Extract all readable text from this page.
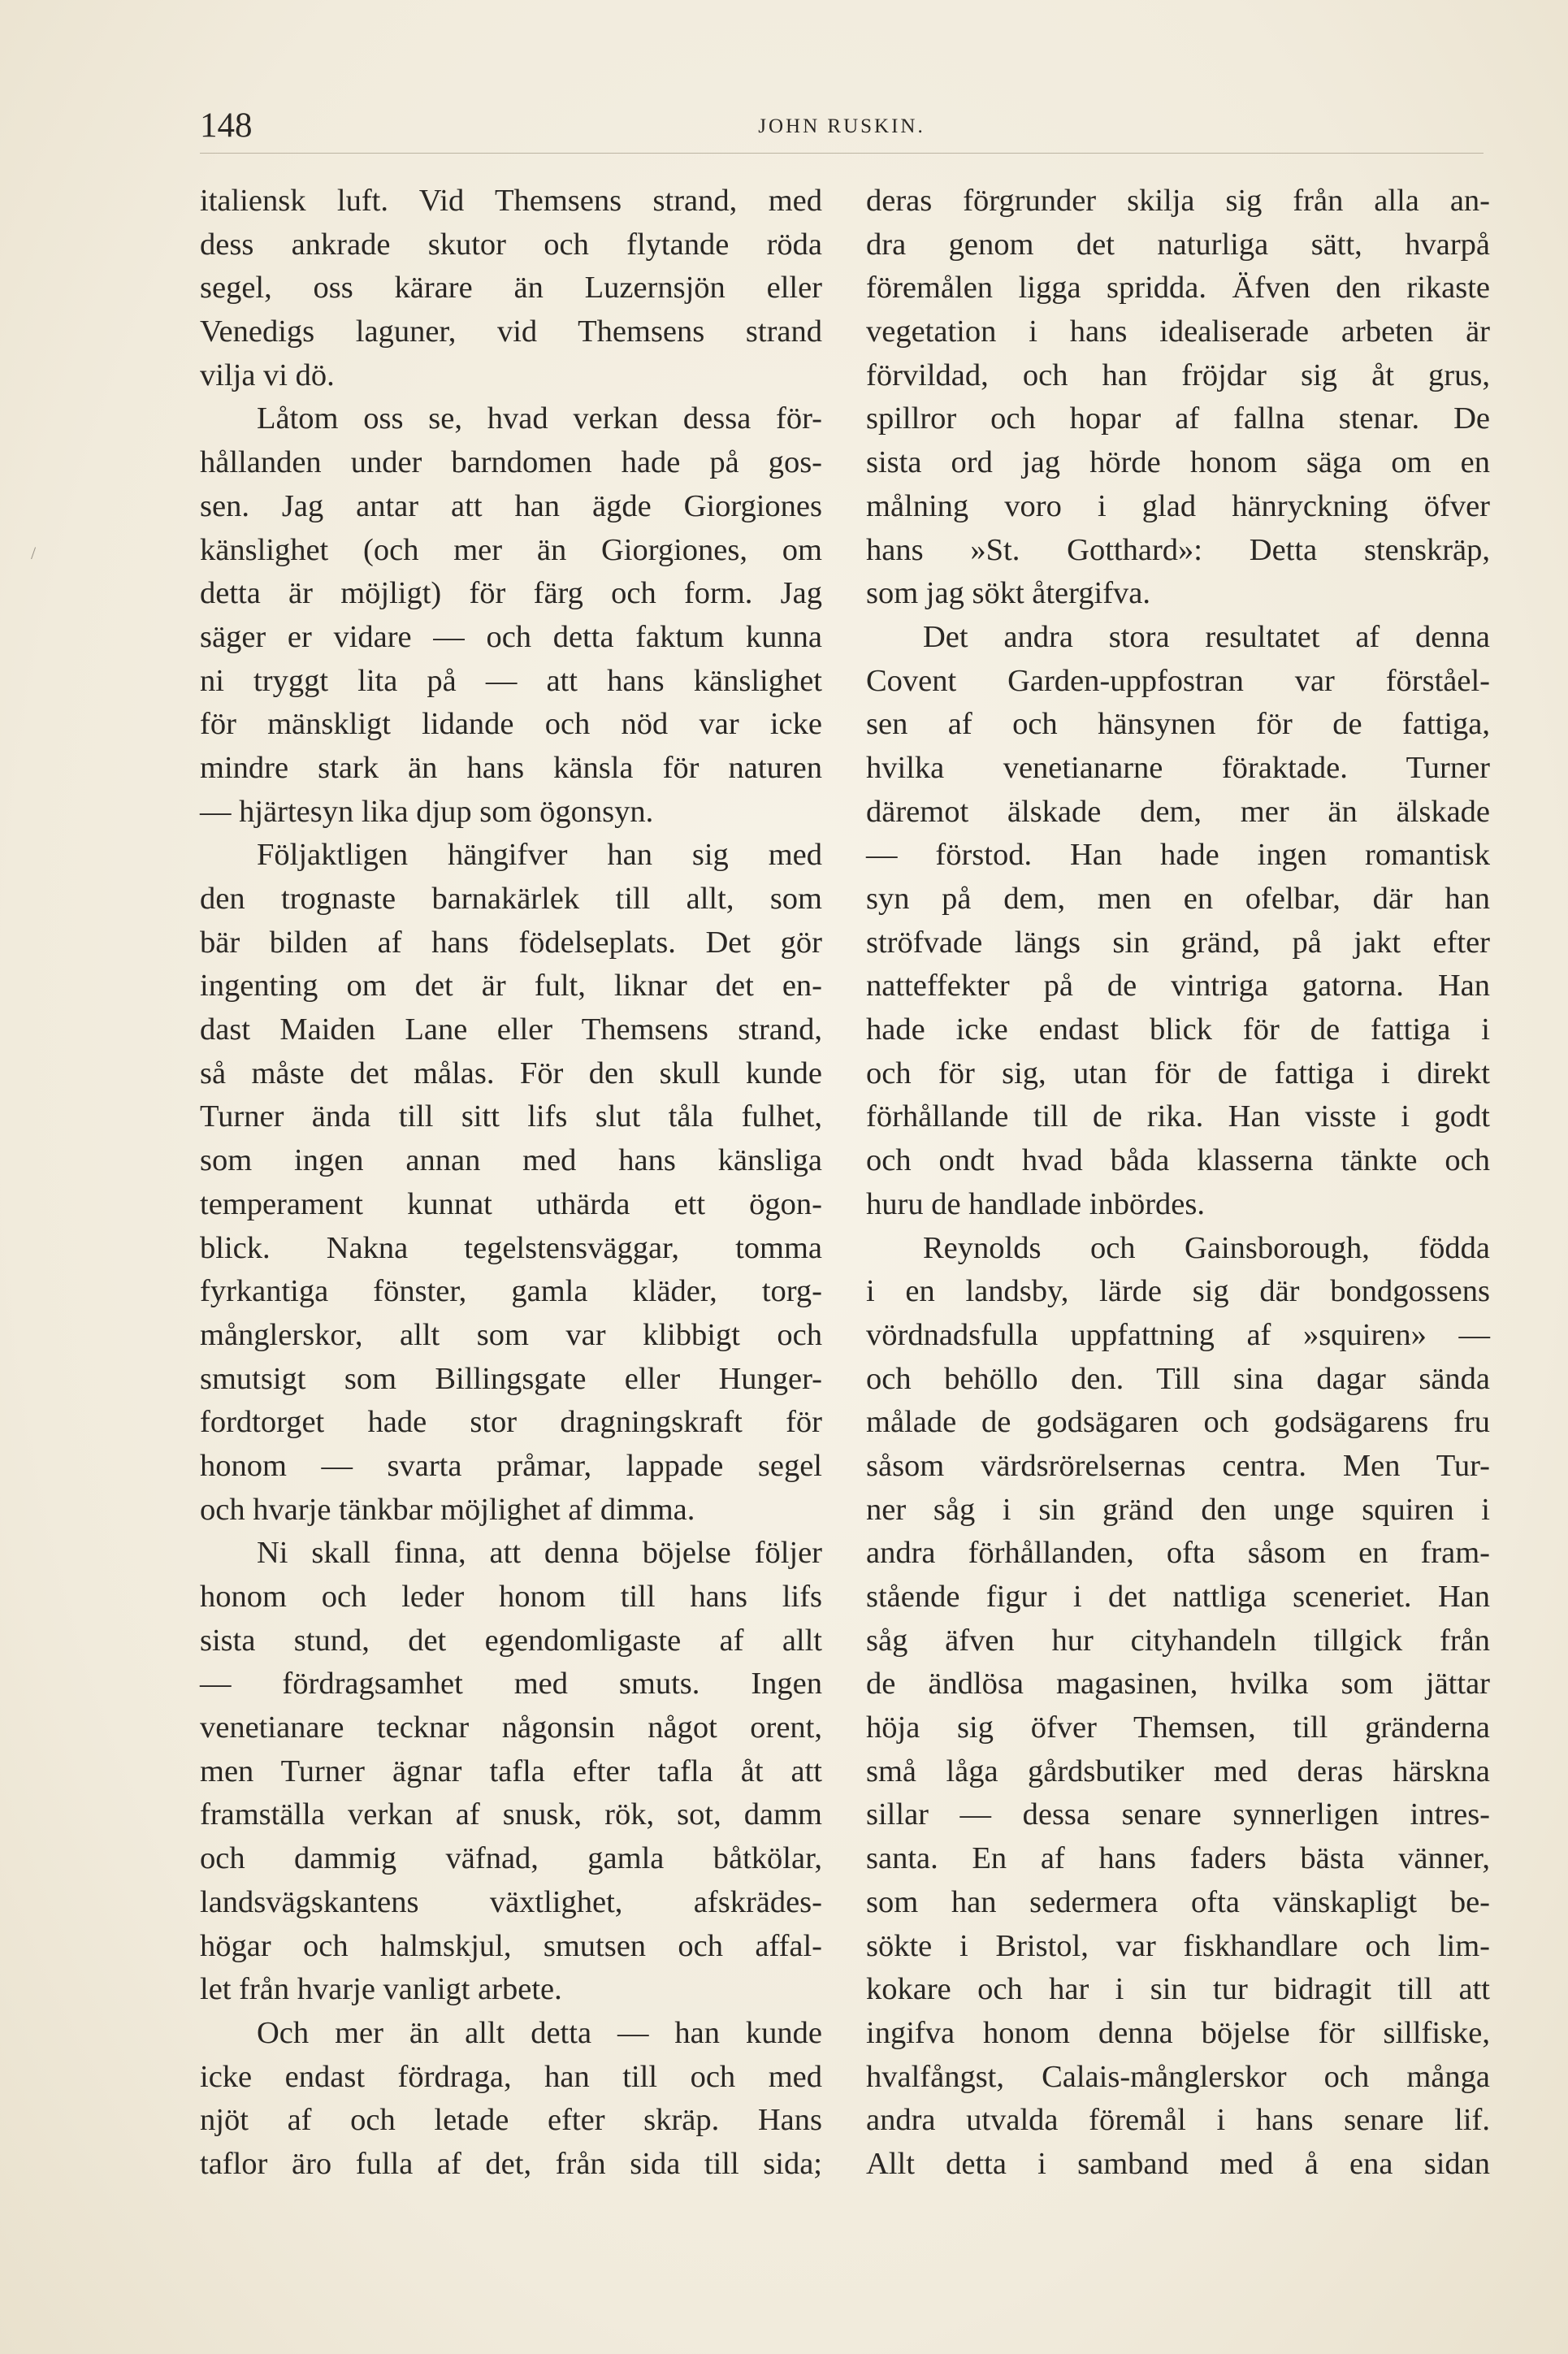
148	JOHN RUSKIN.
/
italiensk luft. Vid Themsens strand, med
dess ankrade skutor och flytande röda
segel, oss kärare än Luzernsjön eller
Venedigs laguner, vid Themsens strand
vilja vi dö.
Låtom oss se, hvad verkan dessa för-
hållanden under barndomen hade på gos-
sen. Jag antar att han ägde Giorgiones
känslighet (och mer än Giorgiones, om
detta är möjligt) för färg och form. Jag
säger er vidare — och detta faktum kunna
ni tryggt lita på — att hans känslighet
för mänskligt lidande och nöd var icke
mindre stark än hans känsla för naturen
— hjärtesyn lika djup som ögonsyn.
Följaktligen hängifver han sig med
den trognaste barnakärlek till allt, som
bär bilden af hans födelseplats. Det gör
ingenting om det är fult, liknar det en-
dast Maiden Lane eller Themsens strand,
så måste det målas. För den skull kunde
Turner ända till sitt lifs slut tåla fulhet,
som ingen annan med hans känsliga
temperament kunnat uthärda ett ögon-
blick. Nakna tegelstensväggar, tomma
fyrkantiga fönster, gamla kläder, torg-
månglerskor, allt som var klibbigt och
smutsigt som Billingsgate eller Hunger-
fordtorget hade stor dragningskraft för
honom — svarta pråmar, lappade segel
och hvarje tänkbar möjlighet af dimma.
Ni skall finna, att denna böjelse följer
honom och leder honom till hans lifs
sista stund, det egendomligaste af allt
— fördragsamhet med smuts. Ingen
venetianare tecknar någonsin något orent,
men Turner ägnar tafla efter tafla åt att
framställa verkan af snusk, rök, sot, damm
och dammig väfnad, gamla båtkölar,
landsvägskantens växtlighet, afskrädes-
högar och halmskjul, smutsen och affal-
let från hvarje vanligt arbete.
Och mer än allt detta — han kunde
icke endast fördraga, han till och med
njöt af och letade efter skräp. Hans
taflor äro fulla af det, från sida till sida;
deras förgrunder skilja sig från alla an-
dra genom det naturliga sätt, hvarpå
föremålen ligga spridda. Äfven den rikaste
vegetation i hans idealiserade arbeten är
förvildad, och han fröjdar sig åt grus,
spillror och hopar af fallna stenar. De
sista ord jag hörde honom säga om en
målning voro i glad hänryckning öfver
hans »St. Gotthard»: Detta stenskräp,
som jag sökt återgifva.
Det andra stora resultatet af denna
Covent Garden-uppfostran var förståel-
sen af och hänsynen för de fattiga,
hvilka venetianarne föraktade. Turner
däremot älskade dem, mer än älskade
— förstod. Han hade ingen romantisk
syn på dem, men en ofelbar, där han
ströfvade längs sin gränd, på jakt efter
natteffekter på de vintriga gatorna. Han
hade icke endast blick för de fattiga i
och för sig, utan för de fattiga i direkt
förhållande till de rika. Han visste i godt
och ondt hvad båda klasserna tänkte och
huru de handlade inbördes.
Reynolds och Gainsborough, födda
i en landsby, lärde sig där bondgossens
vördnadsfulla uppfattning af »squiren» —
och behöllo den. Till sina dagar sända
målade de godsägaren och godsägarens fru
såsom värdsrörelsernas centra. Men Tur-
ner såg i sin gränd den unge squiren i
andra förhållanden, ofta såsom en fram-
stående figur i det nattliga sceneriet. Han
såg äfven hur cityhandeln tillgick från
de ändlösa magasinen, hvilka som jättar
höja sig öfver Themsen, till gränderna
små låga gårdsbutiker med deras härskna
sillar — dessa senare synnerligen intres-
santa. En af hans faders bästa vänner,
som han sedermera ofta vänskapligt be-
sökte i Bristol, var fiskhandlare och lim-
kokare och har i sin tur bidragit till att
ingifva honom denna böjelse för sillfiske,
hvalfångst, Calais-månglerskor och många
andra utvalda föremål i hans senare lif.
Allt detta i samband med å ena sidan
